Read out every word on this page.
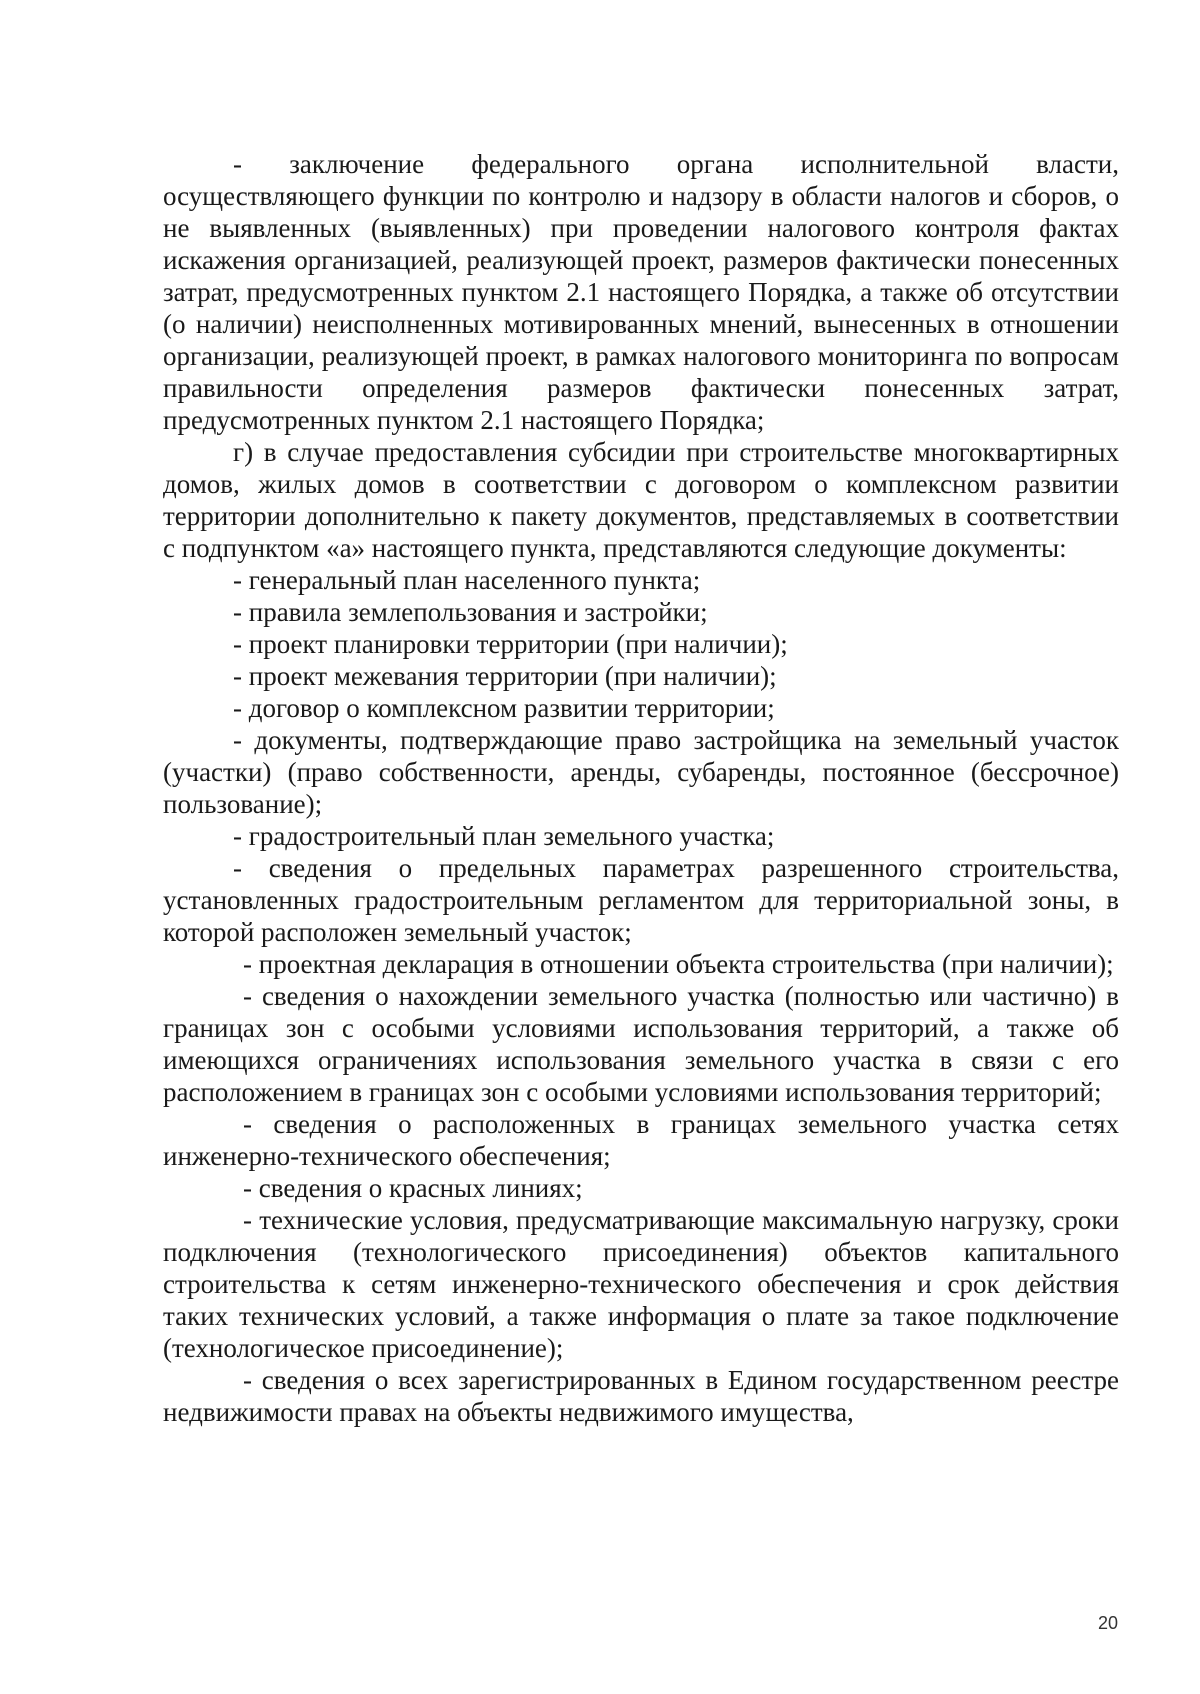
- заключение федерального органа исполнительной власти, осуществляющего функции по контролю и надзору в области налогов и сборов, о не выявленных (выявленных) при проведении налогового контроля фактах искажения организацией, реализующей проект, размеров фактически понесенных затрат, предусмотренных пунктом 2.1 настоящего Порядка, а также об отсутствии (о наличии) неисполненных мотивированных мнений, вынесенных в отношении организации, реализующей проект, в рамках налогового мониторинга по вопросам правильности определения размеров фактически понесенных затрат, предусмотренных пунктом 2.1 настоящего Порядка;

г) в случае предоставления субсидии при строительстве многоквартирных домов, жилых домов в соответствии с договором о комплексном развитии территории дополнительно к пакету документов, представляемых в соответствии с подпунктом «а» настоящего пункта, представляются следующие документы:

- генеральный план населенного пункта;

- правила землепользования и застройки;

- проект планировки территории (при наличии);

- проект межевания территории (при наличии);

- договор о комплексном развитии территории;

- документы, подтверждающие право застройщика на земельный участок (участки) (право собственности, аренды, субаренды, постоянное (бессрочное) пользование);

- градостроительный план земельного участка;

- сведения о предельных параметрах разрешенного строительства, установленных градостроительным регламентом для территориальной зоны, в которой расположен земельный участок;

- проектная декларация в отношении объекта строительства (при наличии);

- сведения о нахождении земельного участка (полностью или частично) в границах зон с особыми условиями использования территорий, а также об имеющихся ограничениях использования земельного участка в связи с его расположением в границах зон с особыми условиями использования территорий;

- сведения о расположенных в границах земельного участка сетях инженерно-технического обеспечения;

- сведения о красных линиях;

- технические условия, предусматривающие максимальную нагрузку, сроки подключения (технологического присоединения) объектов капитального строительства к сетям инженерно-технического обеспечения и срок действия таких технических условий, а также информация о плате за такое подключение (технологическое присоединение);

- сведения о всех зарегистрированных в Едином государственном реестре недвижимости правах на объекты недвижимого имущества,

20
